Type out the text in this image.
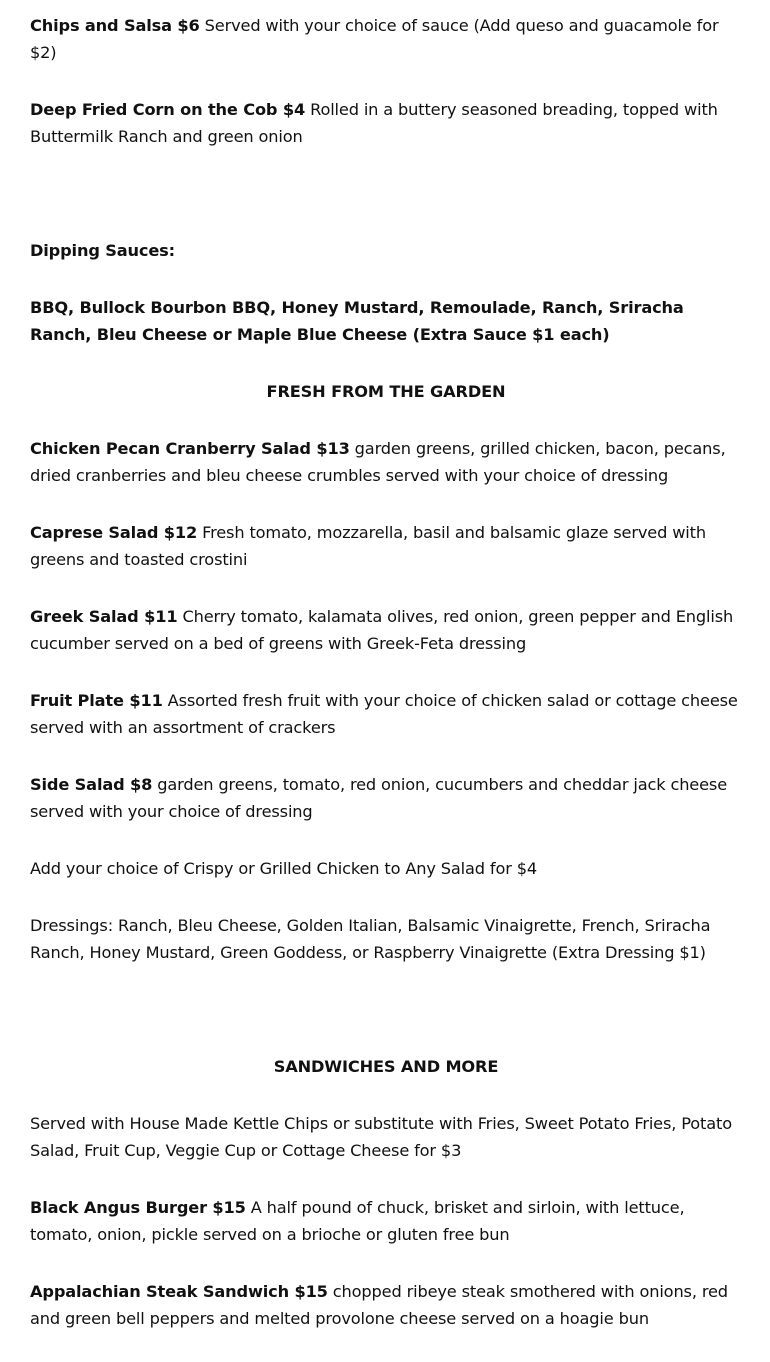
Chips and Salsa $6 Served with your choice of sauce (Add queso and guacamole for $2)

Deep Fried Corn on the Cob $4 Rolled in a buttery seasoned breading, topped with Buttermilk Ranch and green onion

Dipping Sauces:

BBQ, Bullock Bourbon BBQ, Honey Mustard, Remoulade, Ranch, Sriracha Ranch, Bleu Cheese or Maple Blue Cheese (Extra Sauce $1 each)

FRESH FROM THE GARDEN

Chicken Pecan Cranberry Salad $13 garden greens, grilled chicken, bacon, pecans, dried cranberries and bleu cheese crumbles served with your choice of dressing

Caprese Salad $12 Fresh tomato, mozzarella, basil and balsamic glaze served with greens and toasted crostini

Greek Salad $11 Cherry tomato, kalamata olives, red onion, green pepper and English cucumber served on a bed of greens with Greek-Feta dressing

Fruit Plate $11 Assorted fresh fruit with your choice of chicken salad or cottage cheese served with an assortment of crackers

Side Salad $8 garden greens, tomato, red onion, cucumbers and cheddar jack cheese served with your choice of dressing

Add your choice of Crispy or Grilled Chicken to Any Salad for $4

Dressings: Ranch, Bleu Cheese, Golden Italian, Balsamic Vinaigrette, French, Sriracha Ranch, Honey Mustard, Green Goddess, or Raspberry Vinaigrette (Extra Dressing $1)

SANDWICHES AND MORE

Served with House Made Kettle Chips or substitute with Fries, Sweet Potato Fries, Potato Salad, Fruit Cup, Veggie Cup or Cottage Cheese for $3

Black Angus Burger $15 A half pound of chuck, brisket and sirloin, with lettuce, tomato, onion, pickle served on a brioche or gluten free bun

Appalachian Steak Sandwich $15 chopped ribeye steak smothered with onions, red and green bell peppers and melted provolone cheese served on a hoagie bun
